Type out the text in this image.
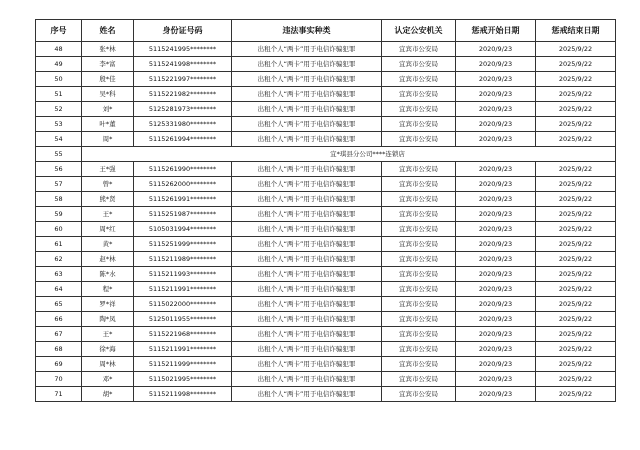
序号	姓名	身份证号码	违法事实种类	认定公安机关	惩戒开始日期	惩戒结束日期
48	张*林	5115241995********	出租个人“两卡”用于电信诈骗犯罪	宜宾市公安局	2020/9/23	2025/9/22
49	李*富	5115241998********	出租个人“两卡”用于电信诈骗犯罪	宜宾市公安局	2020/9/23	2025/9/22
50	殷*佳	5115221997********	出租个人“两卡”用于电信诈骗犯罪	宜宾市公安局	2020/9/23	2025/9/22
51	吴*科	5115221982********	出租个人“两卡”用于电信诈骗犯罪	宜宾市公安局	2020/9/23	2025/9/22
52	刘*	5125281973********	出租个人“两卡”用于电信诈骗犯罪	宜宾市公安局	2020/9/23	2025/9/22
53	叶*董	5125331980********	出租个人“两卡”用于电信诈骗犯罪	宜宾市公安局	2020/9/23	2025/9/22
54	周*	5115261994********	出租个人“两卡”用于电信诈骗犯罪	宜宾市公安局	2020/9/23	2025/9/22
55	宜*琪县分公司****连锁店					
56	王*强	5115261990********	出租个人“两卡”用于电信诈骗犯罪	宜宾市公安局	2020/9/23	2025/9/22
57	曾*	5115262000********	出租个人“两卡”用于电信诈骗犯罪	宜宾市公安局	2020/9/23	2025/9/22
58	熊*贤	5115261991********	出租个人“两卡”用于电信诈骗犯罪	宜宾市公安局	2020/9/23	2025/9/22
59	王*	5115251987********	出租个人“两卡”用于电信诈骗犯罪	宜宾市公安局	2020/9/23	2025/9/22
60	周*红	5105031994********	出租个人“两卡”用于电信诈骗犯罪	宜宾市公安局	2020/9/23	2025/9/22
61	黄*	5115251999********	出租个人“两卡”用于电信诈骗犯罪	宜宾市公安局	2020/9/23	2025/9/22
62	赵*林	5115211989********	出租个人“两卡”用于电信诈骗犯罪	宜宾市公安局	2020/9/23	2025/9/22
63	陈*水	5115211993********	出租个人“两卡”用于电信诈骗犯罪	宜宾市公安局	2020/9/23	2025/9/22
64	程*	5115211991********	出租个人“两卡”用于电信诈骗犯罪	宜宾市公安局	2020/9/23	2025/9/22
65	罗*祥	5115022000********	出租个人“两卡”用于电信诈骗犯罪	宜宾市公安局	2020/9/23	2025/9/22
66	陶*凤	5125011955********	出租个人“两卡”用于电信诈骗犯罪	宜宾市公安局	2020/9/23	2025/9/22
67	王*	5115221968********	出租个人“两卡”用于电信诈骗犯罪	宜宾市公安局	2020/9/23	2025/9/22
68	徐*海	5115211991********	出租个人“两卡”用于电信诈骗犯罪	宜宾市公安局	2020/9/23	2025/9/22
69	周*林	5115211999********	出租个人“两卡”用于电信诈骗犯罪	宜宾市公安局	2020/9/23	2025/9/22
70	邓*	5115021995********	出租个人“两卡”用于电信诈骗犯罪	宜宾市公安局	2020/9/23	2025/9/22
71	胡*	5115211998********	出租个人“两卡”用于电信诈骗犯罪	宜宾市公安局	2020/9/23	2025/9/22
